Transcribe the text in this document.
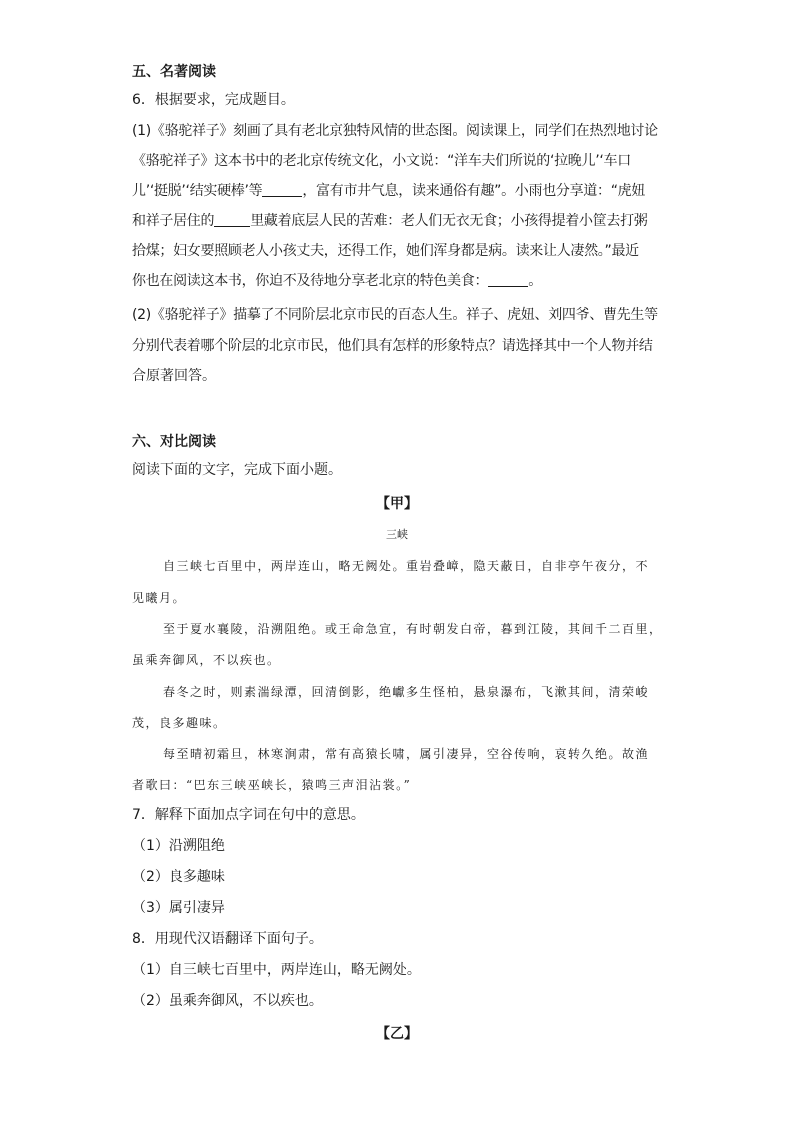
五、名著阅读
6．根据要求，完成题目。
(1)《骆驼祥子》刻画了具有老北京独特风情的世态图。阅读课上，同学们在热烈地讨论
《骆驼祥子》这本书中的老北京传统文化，小文说：“洋车夫们所说的‘拉晚儿’‘车口
儿’‘挺脱’‘结实硬棒’等	，富有市井气息，读来通俗有趣”。小雨也分享道：“虎妞
和祥子居住的	里藏着底层人民的苦难：老人们无衣无食；小孩得提着小筐去打粥
拾煤；妇女要照顾老人小孩丈夫，还得工作，她们浑身都是病。读来让人凄然。”最近
你也在阅读这本书，你迫不及待地分享老北京的特色美食：	。
(2)《骆驼祥子》描摹了不同阶层北京市民的百态人生。祥子、虎妞、刘四爷、曹先生等
分别代表着哪个阶层的北京市民，他们具有怎样的形象特点？请选择其中一个人物并结
合原著回答。
六、对比阅读
阅读下面的文字，完成下面小题。
【甲】
三峡
自三峡七百里中，两岸连山，略无阙处。重岩叠嶂，隐天蔽日，自非亭午夜分，不
见曦月。
至于夏水襄陵，沿溯阻绝。或王命急宣，有时朝发白帝，暮到江陵，其间千二百里，
虽乘奔御风，不以疾也。
春冬之时，则素湍绿潭，回清倒影，绝巘多生怪柏，悬泉瀑布，飞漱其间，清荣峻
茂，良多趣味。
每至晴初霜旦，林寒涧肃，常有高猿长啸，属引凄异，空谷传响，哀转久绝。故渔
者歌曰：“巴东三峡巫峡长，猿鸣三声泪沾裳。”
7．解释下面加点字词在句中的意思。
（1）沿溯阻绝
（2）良多趣味
（3）属引凄异
8．用现代汉语翻译下面句子。
（1）自三峡七百里中，两岸连山，略无阙处。
（2）虽乘奔御风，不以疾也。
【乙】
